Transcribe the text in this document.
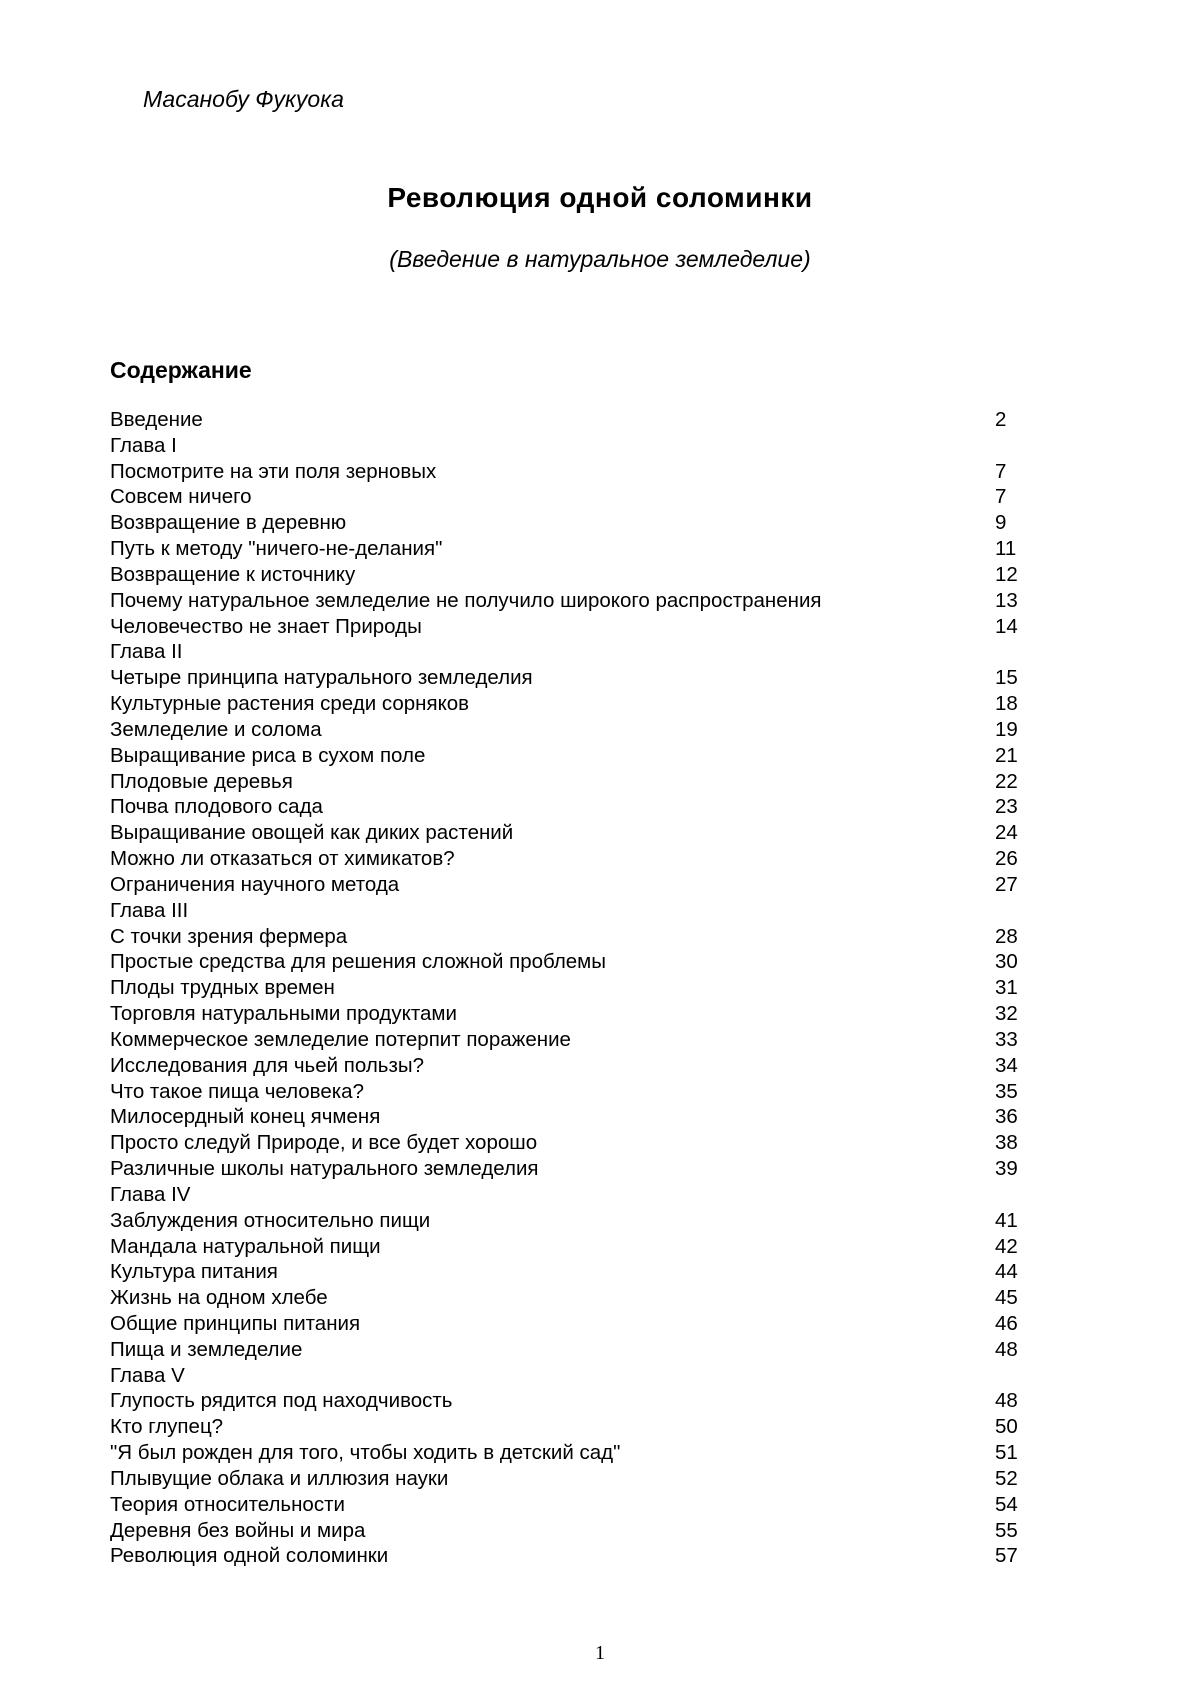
Масанобу Фукуока
Революция одной соломинки
(Введение в натуральное земледелие)
Содержание
Введение	2
Глава I
Посмотрите на эти поля зерновых	7
Совсем ничего	7
Возвращение в деревню	9
Путь к методу "ничего-не-делания"	11
Возвращение к источнику	12
Почему натуральное земледелие не получило широкого распространения	13
Человечество не знает Природы	14
Глава II
Четыре принципа натурального земледелия	15
Культурные растения среди сорняков	18
Земледелие и солома	19
Выращивание риса в сухом поле	21
Плодовые деревья	22
Почва плодового сада	23
Выращивание овощей как диких растений	24
Можно ли отказаться от химикатов?	26
Ограничения научного метода	27
Глава III
С точки зрения фермера	28
Простые средства для решения сложной проблемы	30
Плоды трудных времен	31
Торговля натуральными продуктами	32
Коммерческое земледелие потерпит поражение	33
Исследования для чьей пользы?	34
Что такое пища человека?	35
Милосердный конец ячменя	36
Просто следуй Природе, и все будет хорошо	38
Различные школы натурального земледелия	39
Глава IV
Заблуждения относительно пищи	41
Мандала натуральной пищи	42
Культура питания	44
Жизнь на одном хлебе	45
Общие принципы питания	46
Пища и земледелие	48
Глава V
Глупость рядится под находчивость	48
Кто глупец?	50
"Я был рожден для того, чтобы ходить в детский сад"	51
Плывущие облака и иллюзия науки	52
Теория относительности	54
Деревня без войны и мира	55
Революция одной соломинки	57
1
